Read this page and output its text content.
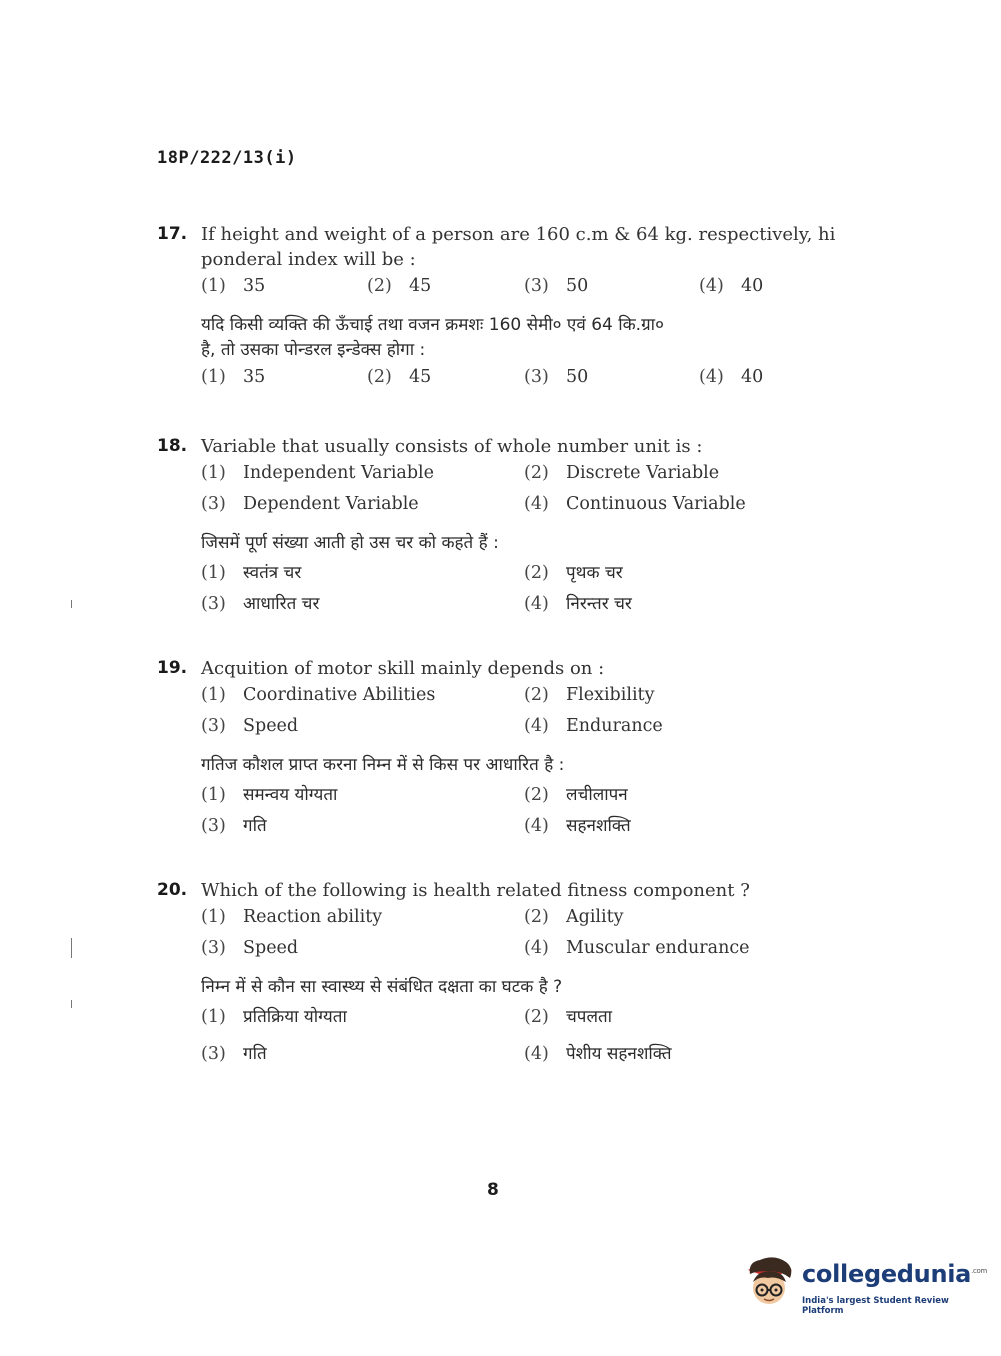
18P/222/13(i)
17. If height and weight of a person are 160 c.m & 64 kg. respectively, hi
ponderal index will be :
(1) 35	(2) 45	(3) 50	(4) 40
यदि किसी व्यक्ति की ऊँचाई तथा वजन क्रमशः 160 सेमी० एवं 64 कि.ग्रा०
है, तो उसका पोन्डरल इन्डेक्स होगा :
(1) 35	(2) 45	(3) 50	(4) 40
18. Variable that usually consists of whole number unit is :
(1) Independent Variable	(2) Discrete Variable
(3) Dependent Variable	(4) Continuous Variable
जिसमें पूर्ण संख्या आती हो उस चर को कहते हैं :
(1) स्वतंत्र चर	(2) पृथक चर
(3) आधारित चर	(4) निरन्तर चर
19. Acquition of motor skill mainly depends on :
(1) Coordinative Abilities	(2) Flexibility
(3) Speed	(4) Endurance
गतिज कौशल प्राप्त करना निम्न में से किस पर आधारित है :
(1) समन्वय योग्यता	(2) लचीलापन
(3) गति	(4) सहनशक्ति
20. Which of the following is health related fitness component ?
(1) Reaction ability	(2) Agility
(3) Speed	(4) Muscular endurance
निम्न में से कौन सा स्वास्थ्य से संबंधित दक्षता का घटक है ?
(1) प्रतिक्रिया योग्यता	(2) चपलता
(3) गति	(4) पेशीय सहनशक्ति
8
collegedunia$^{.com}$
India's largest Student Review Platform
